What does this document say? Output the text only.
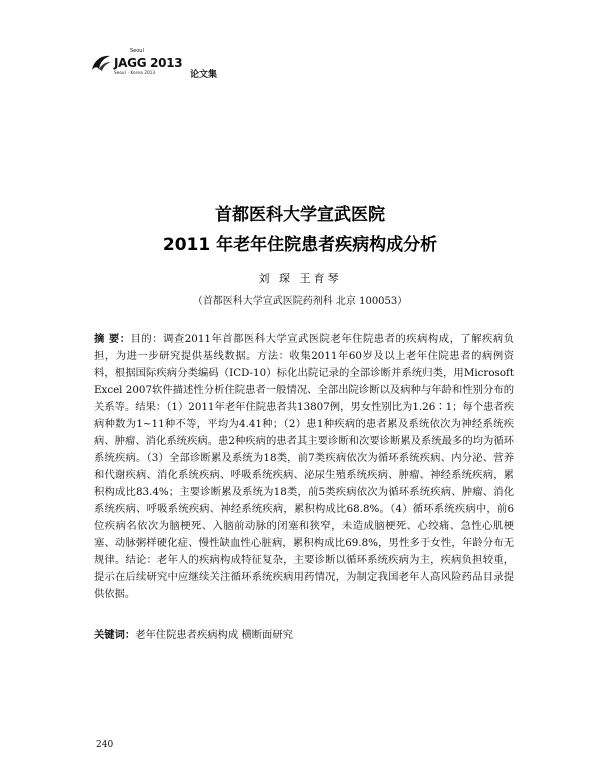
Seoul
JAGG 2013
Seoul · Korea 2013	论文集
首都医科大学宣武医院
2011 年老年住院患者疾病构成分析
刘 琛 王育琴
（首都医科大学宣武医院药剂科 北京 100053）
摘 要：目的：调查2011年首都医科大学宣武医院老年住院患者的疾病构成，了解疾病负担，为进一步研究提供基线数据。方法：收集2011年60岁及以上老年住院患者的病例资料，根据国际疾病分类编码（ICD-10）标化出院记录的全部诊断并系统归类，用Microsoft Excel 2007软件描述性分析住院患者一般情况、全部出院诊断以及病种与年龄和性别分布的关系等。结果：（1）2011年老年住院患者共13807例，男女性别比为1.26∶1；每个患者疾病种数为1~11种不等，平均为4.41种；（2）患1种疾病的患者累及系统依次为神经系统疾病、肿瘤、消化系统疾病。患2种疾病的患者其主要诊断和次要诊断累及系统最多的均为循环系统疾病。（3）全部诊断累及系统为18类，前7类疾病依次为循环系统疾病、内分泌、营养和代谢疾病、消化系统疾病、呼吸系统疾病、泌尿生殖系统疾病、肿瘤、神经系统疾病，累积构成比83.4%；主要诊断累及系统为18类，前5类疾病依次为循环系统疾病、肿瘤、消化系统疾病、呼吸系统疾病、神经系统疾病，累积构成比68.8%。（4）循环系统疾病中，前6位疾病名依次为脑梗死、入脑前动脉的闭塞和狭窄，未造成脑梗死、心绞痛、急性心肌梗塞、动脉粥样硬化症、慢性缺血性心脏病，累积构成比69.8%，男性多于女性，年龄分布无规律。结论：老年人的疾病构成特征复杂，主要诊断以循环系统疾病为主，疾病负担较重，提示在后续研究中应继续关注循环系统疾病用药情况，为制定我国老年人高风险药品目录提供依据。
关键词：老年住院患者疾病构成 横断面研究
240
